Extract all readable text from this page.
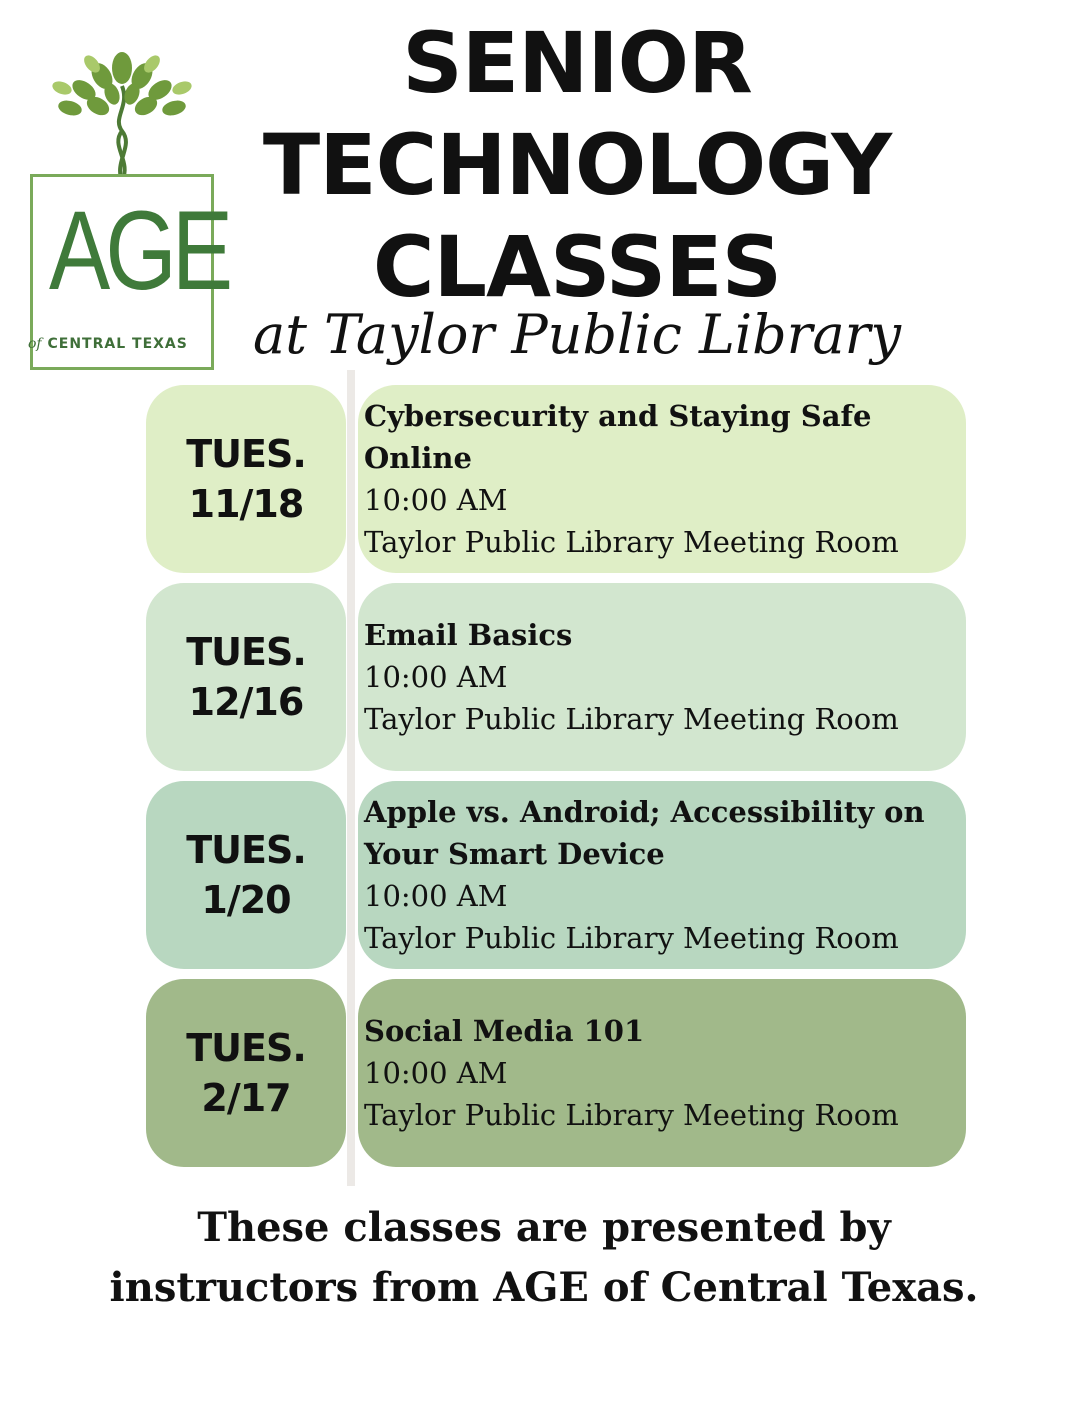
AGE
of CENTRAL TEXAS
SENIOR
TECHNOLOGY
CLASSES
at Taylor Public Library
TUES.
11/18
Cybersecurity and Staying Safe Online
10:00 AM
Taylor Public Library Meeting Room
TUES.
12/16
Email Basics
10:00 AM
Taylor Public Library Meeting Room
TUES.
1/20
Apple vs. Android; Accessibility on
Your Smart Device
10:00 AM
Taylor Public Library Meeting Room
TUES.
2/17
Social Media 101
10:00 AM
Taylor Public Library Meeting Room
These classes are presented by
instructors from AGE of Central Texas.
